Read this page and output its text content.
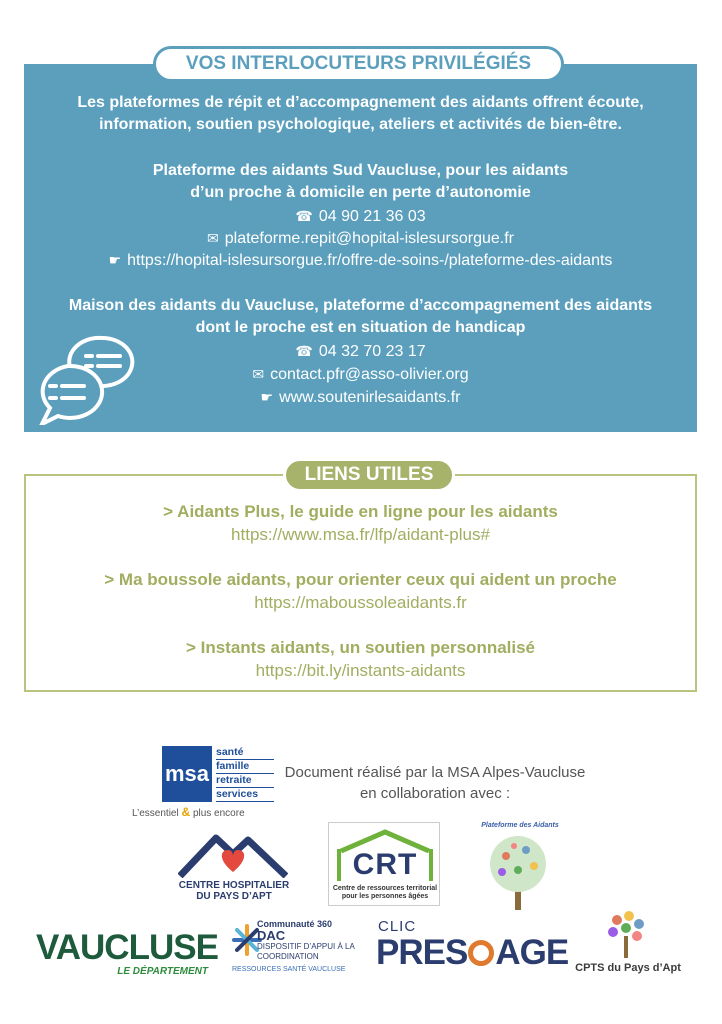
VOS INTERLOCUTEURS PRIVILÉGIÉS
Les plateformes de répit et d’accompagnement des aidants offrent écoute,
information, soutien psychologique, ateliers et activités de bien-être.
Plateforme des aidants Sud Vaucluse, pour les aidants
d’un proche à domicile en perte d’autonomie
☎ 04 90 21 36 03
✉ plateforme.repit@hopital-islesursorgue.fr
☛ https://hopital-islesursorgue.fr/offre-de-soins-/plateforme-des-aidants
Maison des aidants du Vaucluse, plateforme d’accompagnement des aidants
dont le proche est en situation de handicap
☎ 04 32 70 23 17
✉ contact.pfr@asso-olivier.org
☛ www.soutenirlesaidants.fr
LIENS UTILES
> Aidants Plus, le guide en ligne pour les aidants
https://www.msa.fr/lfp/aidant-plus#
> Ma boussole aidants, pour orienter ceux qui aident un proche
https://maboussoleaidants.fr
> Instants aidants, un soutien personnalisé
https://bit.ly/instants-aidants
msa
santé
famille
retraite
services
L’essentiel & plus encore
Document réalisé par la MSA Alpes-Vaucluse
en collaboration avec :
CENTRE HOSPITALIER
DU PAYS D’APT
CRT
Centre de ressources territorial
pour les personnes âgées
Plateforme des Aidants
VAUCLUSE
LE DÉPARTEMENT
Communauté 360
DAC
DISPOSITIF D’APPUI À LA
COORDINATION
RESSOURCES SANTÉ VAUCLUSE
CLIC
PRES AGE CPTS du Pays d’Apt
